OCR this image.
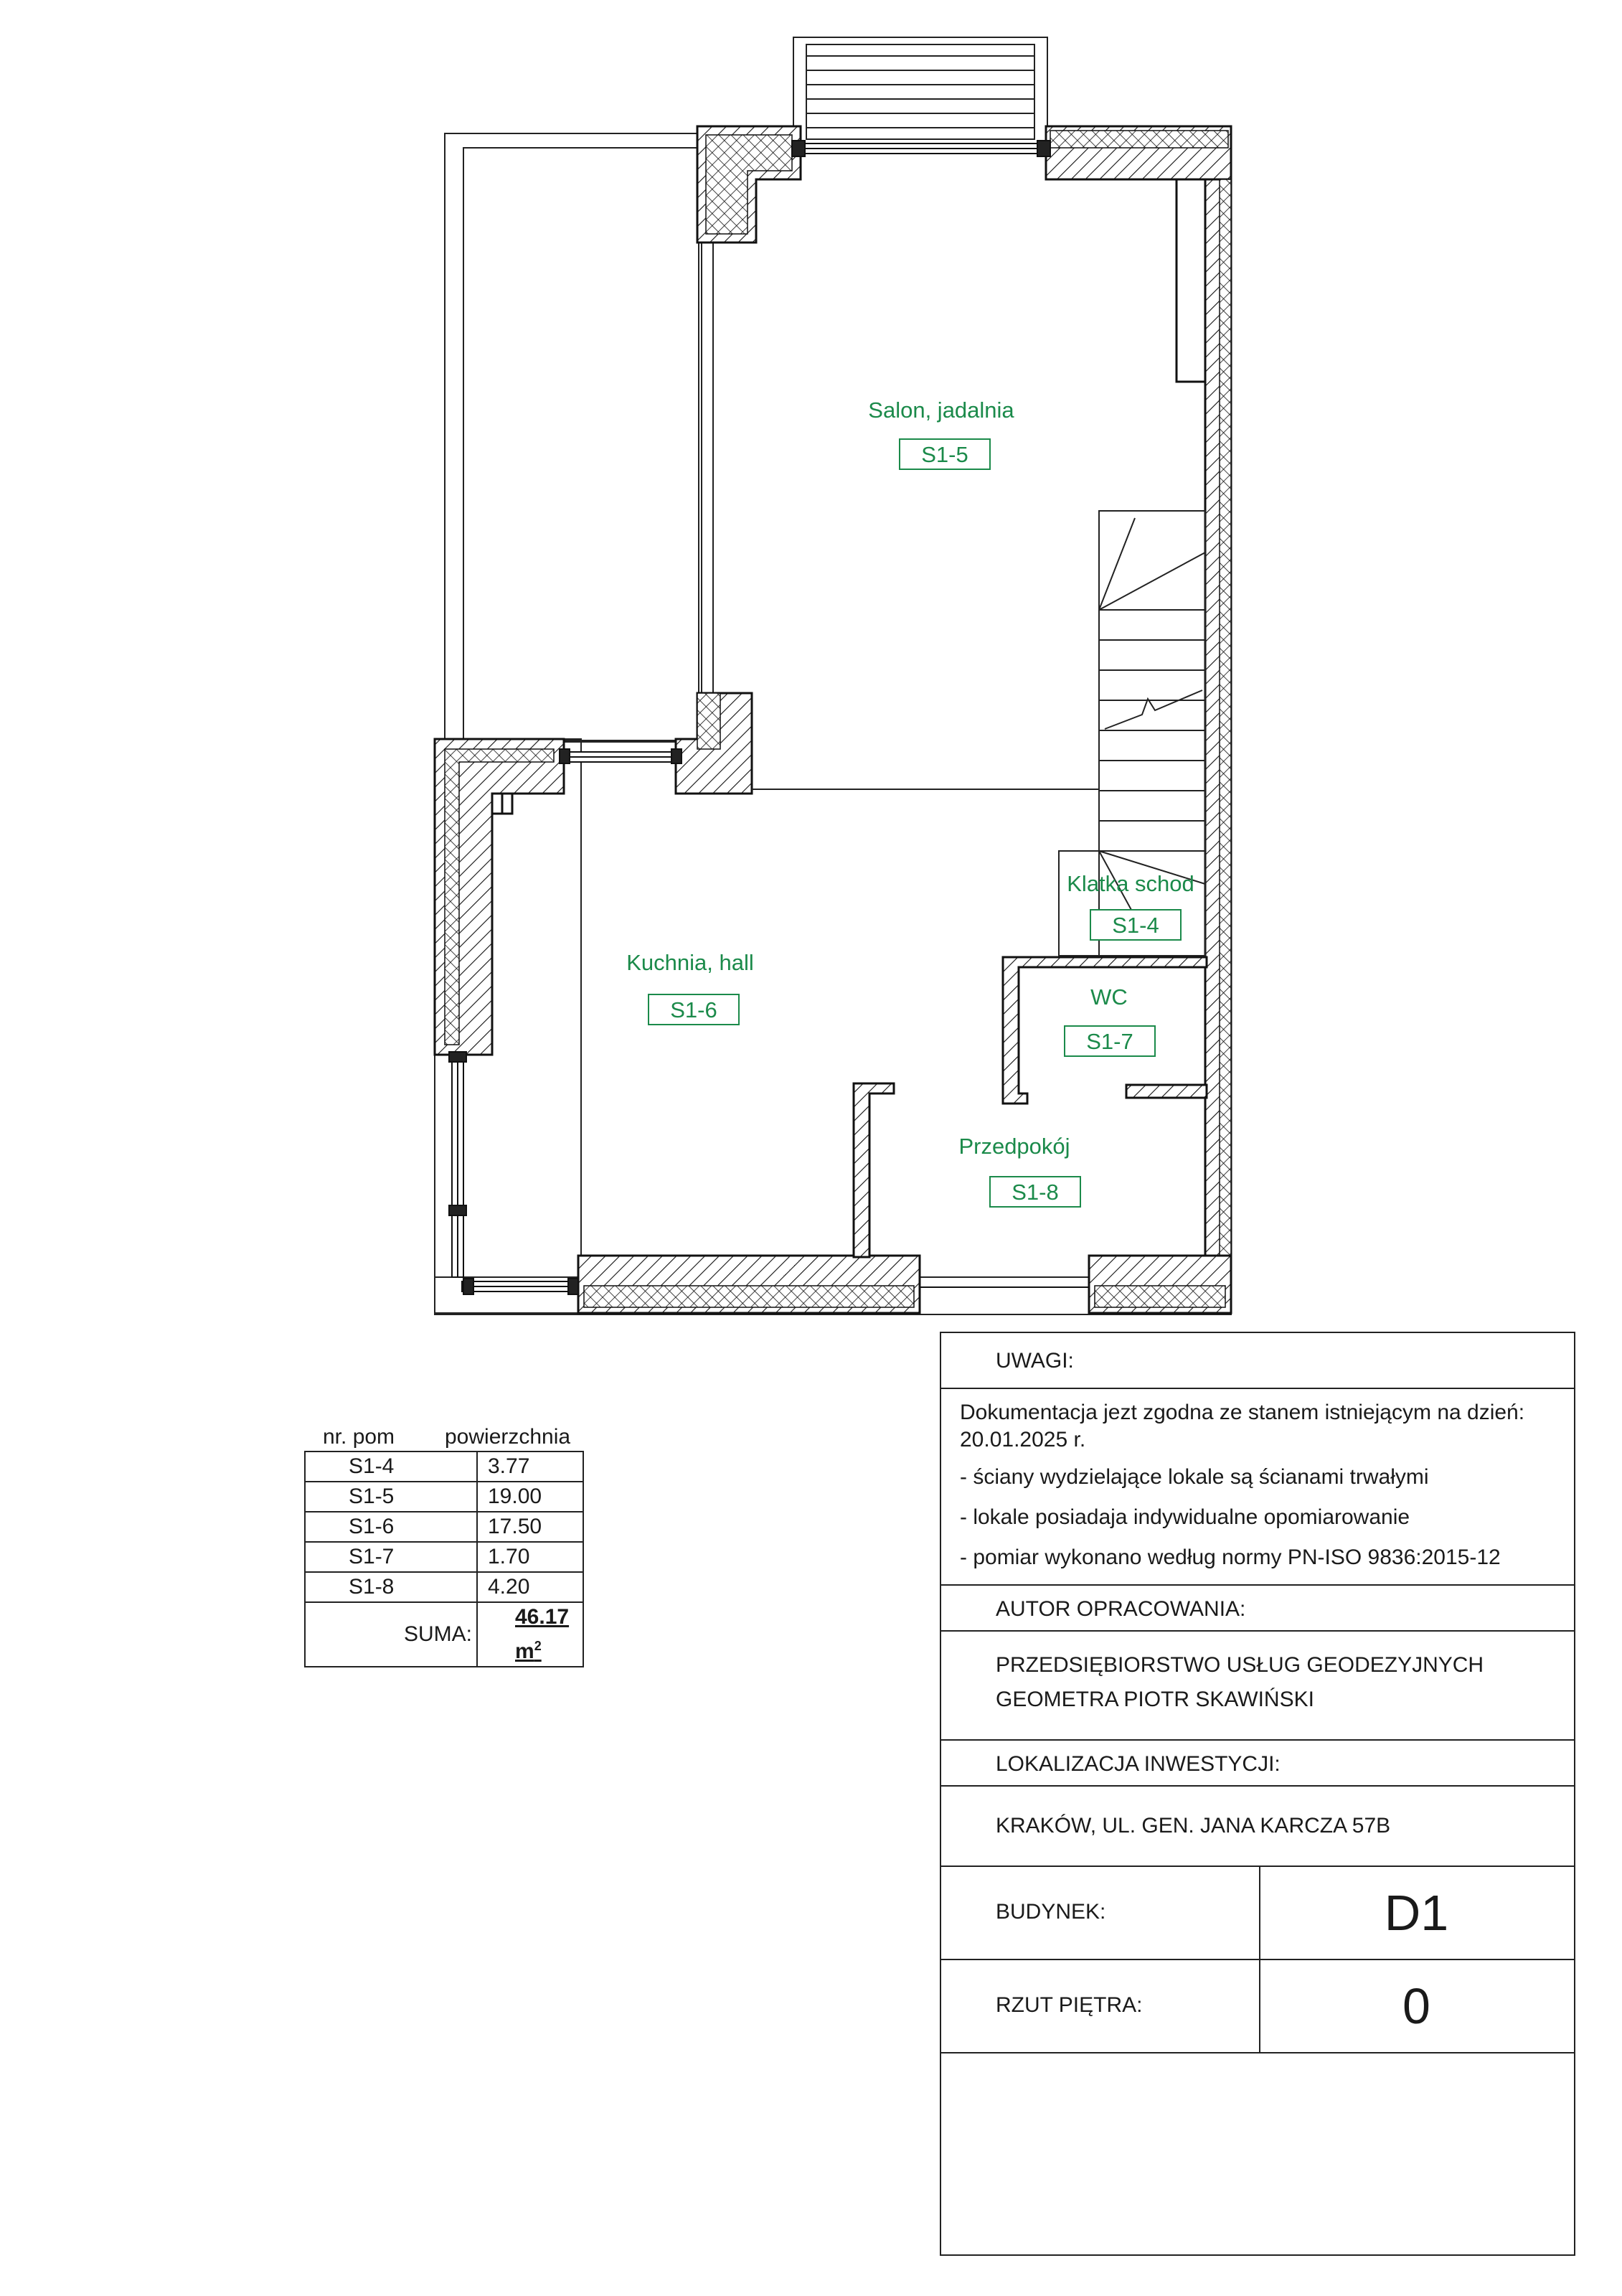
Salon, jadalnia
S1-5
Klatka schod
S1-4
Kuchnia, hall
S1-6
WC
S1-7
Przedpokój
S1-8
nr. pom powierzchnia
S1-4	3.77
S1-5	19.00
S1-6	17.50
S1-7	1.70
S1-8	4.20
SUMA:	46.17 $m^2$
UWAGI:
Dokumentacja jezt zgodna ze stanem istniejącym na dzień:
20.01.2025 r.
- ściany wydzielające lokale są ścianami trwałymi
- lokale posiadaja indywidualne opomiarowanie
- pomiar wykonano według normy PN-ISO 9836:2015-12
AUTOR OPRACOWANIA:
PRZEDSIĘBIORSTWO USŁUG GEODEZYJNYCH
GEOMETRA PIOTR SKAWIŃSKI
LOKALIZACJA INWESTYCJI:
KRAKÓW, UL. GEN. JANA KARCZA 57B
BUDYNEK:	D1
RZUT PIĘTRA:	0
